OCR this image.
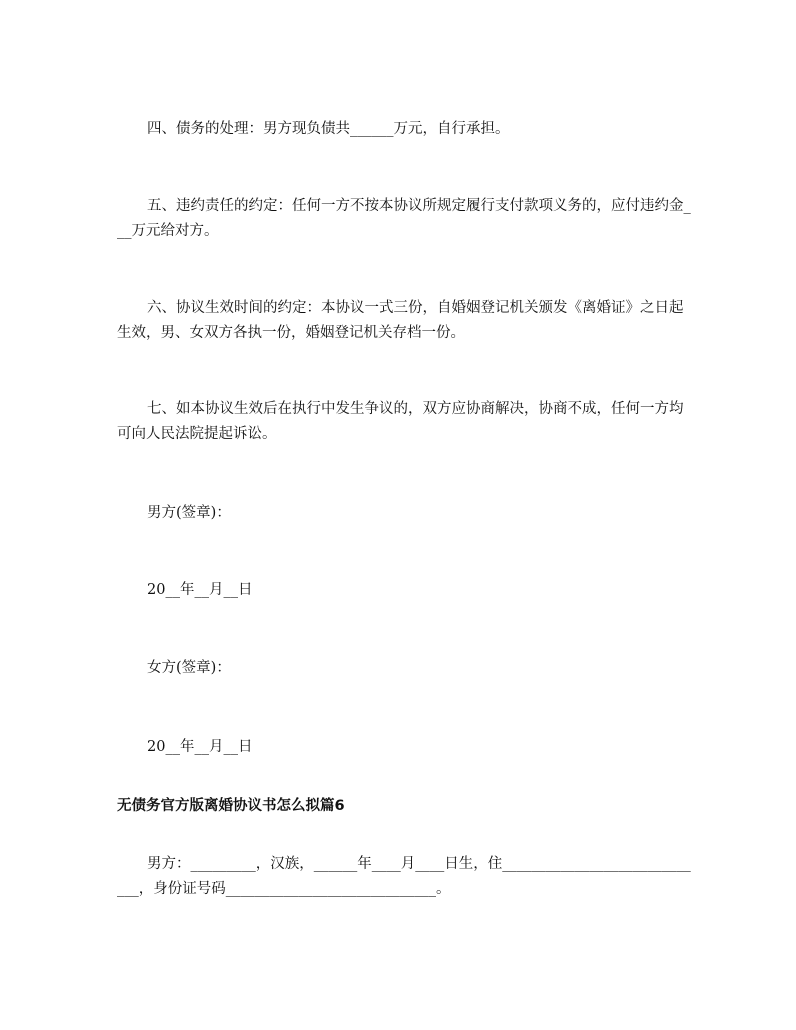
四、债务的处理：男方现负债共______万元，自行承担。

五、违约责任的约定：任何一方不按本协议所规定履行支付款项义务的，应付违约金___万元给对方。

六、协议生效时间的约定：本协议一式三份，自婚姻登记机关颁发《离婚证》之日起生效，男、女双方各执一份，婚姻登记机关存档一份。

七、如本协议生效后在执行中发生争议的，双方应协商解决，协商不成，任何一方均可向人民法院提起诉讼。

男方(签章)：

20__年__月__日

女方(签章)：

20__年__月__日

无债务官方版离婚协议书怎么拟篇6

男方：_________，汉族，______年____月____日生，住_____________________________，身份证号码_____________________________。
